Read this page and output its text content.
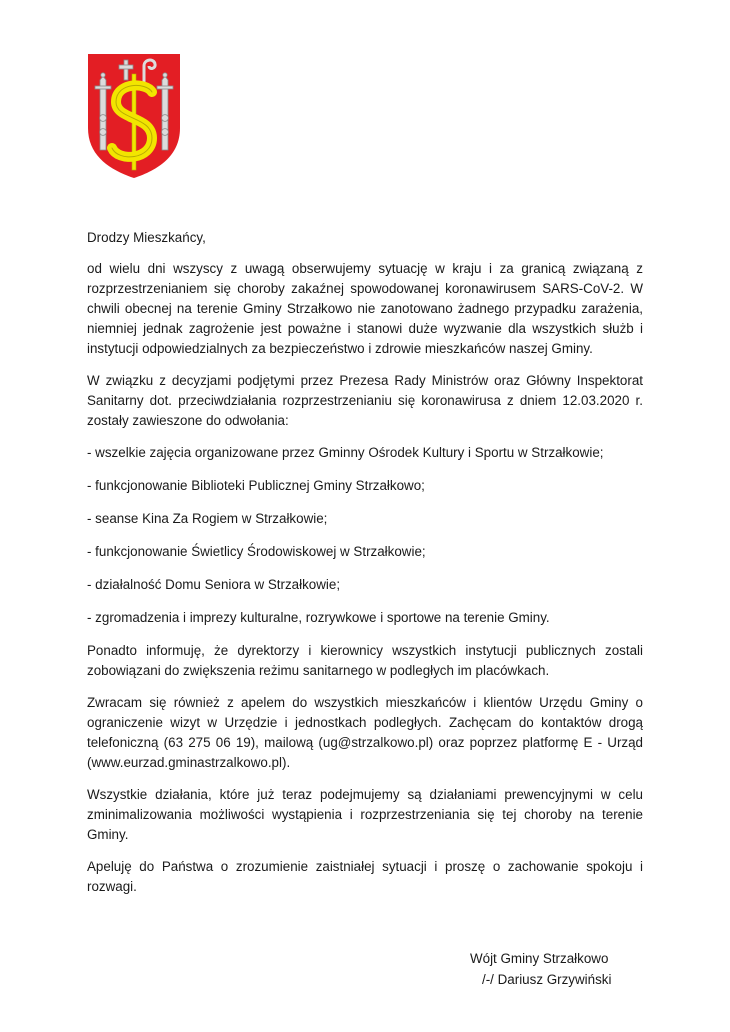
Drodzy Mieszkańcy,

od wielu dni wszyscy z uwagą obserwujemy sytuację w kraju i za granicą związaną z rozprzestrzenianiem się choroby zakaźnej spowodowanej koronawirusem SARS-CoV-2. W chwili obecnej na terenie Gminy Strzałkowo nie zanotowano żadnego przypadku zarażenia, niemniej jednak zagrożenie jest poważne i stanowi duże wyzwanie dla wszystkich służb i instytucji odpowiedzialnych za bezpieczeństwo i zdrowie mieszkańców naszej Gminy.

W związku z decyzjami podjętymi przez Prezesa Rady Ministrów oraz Główny Inspektorat Sanitarny dot. przeciwdziałania rozprzestrzenianiu się koronawirusa z dniem 12.03.2020 r. zostały zawieszone do odwołania:

- wszelkie zajęcia organizowane przez Gminny Ośrodek Kultury i Sportu w Strzałkowie;

- funkcjonowanie Biblioteki Publicznej Gminy Strzałkowo;

- seanse Kina Za Rogiem w Strzałkowie;

- funkcjonowanie Świetlicy Środowiskowej w Strzałkowie;

- działalność Domu Seniora w Strzałkowie;

- zgromadzenia i imprezy kulturalne, rozrywkowe i sportowe na terenie Gminy.

Ponadto informuję, że dyrektorzy i kierownicy wszystkich instytucji publicznych zostali zobowiązani do zwiększenia reżimu sanitarnego w podległych im placówkach.

Zwracam się również z apelem do wszystkich mieszkańców i klientów Urzędu Gminy o ograniczenie wizyt w Urzędzie i jednostkach podległych. Zachęcam do kontaktów drogą telefoniczną (63 275 06 19), mailową (ug@strzalkowo.pl) oraz poprzez platformę E - Urząd (www.eurzad.gminastrzalkowo.pl).

Wszystkie działania, które już teraz podejmujemy są działaniami prewencyjnymi w celu zminimalizowania możliwości wystąpienia i rozprzestrzeniania się tej choroby na terenie Gminy.

Apeluję do Państwa o zrozumienie zaistniałej sytuacji i proszę o zachowanie spokoju i rozwagi.

Wójt Gminy Strzałkowo
/-/ Dariusz Grzywiński
